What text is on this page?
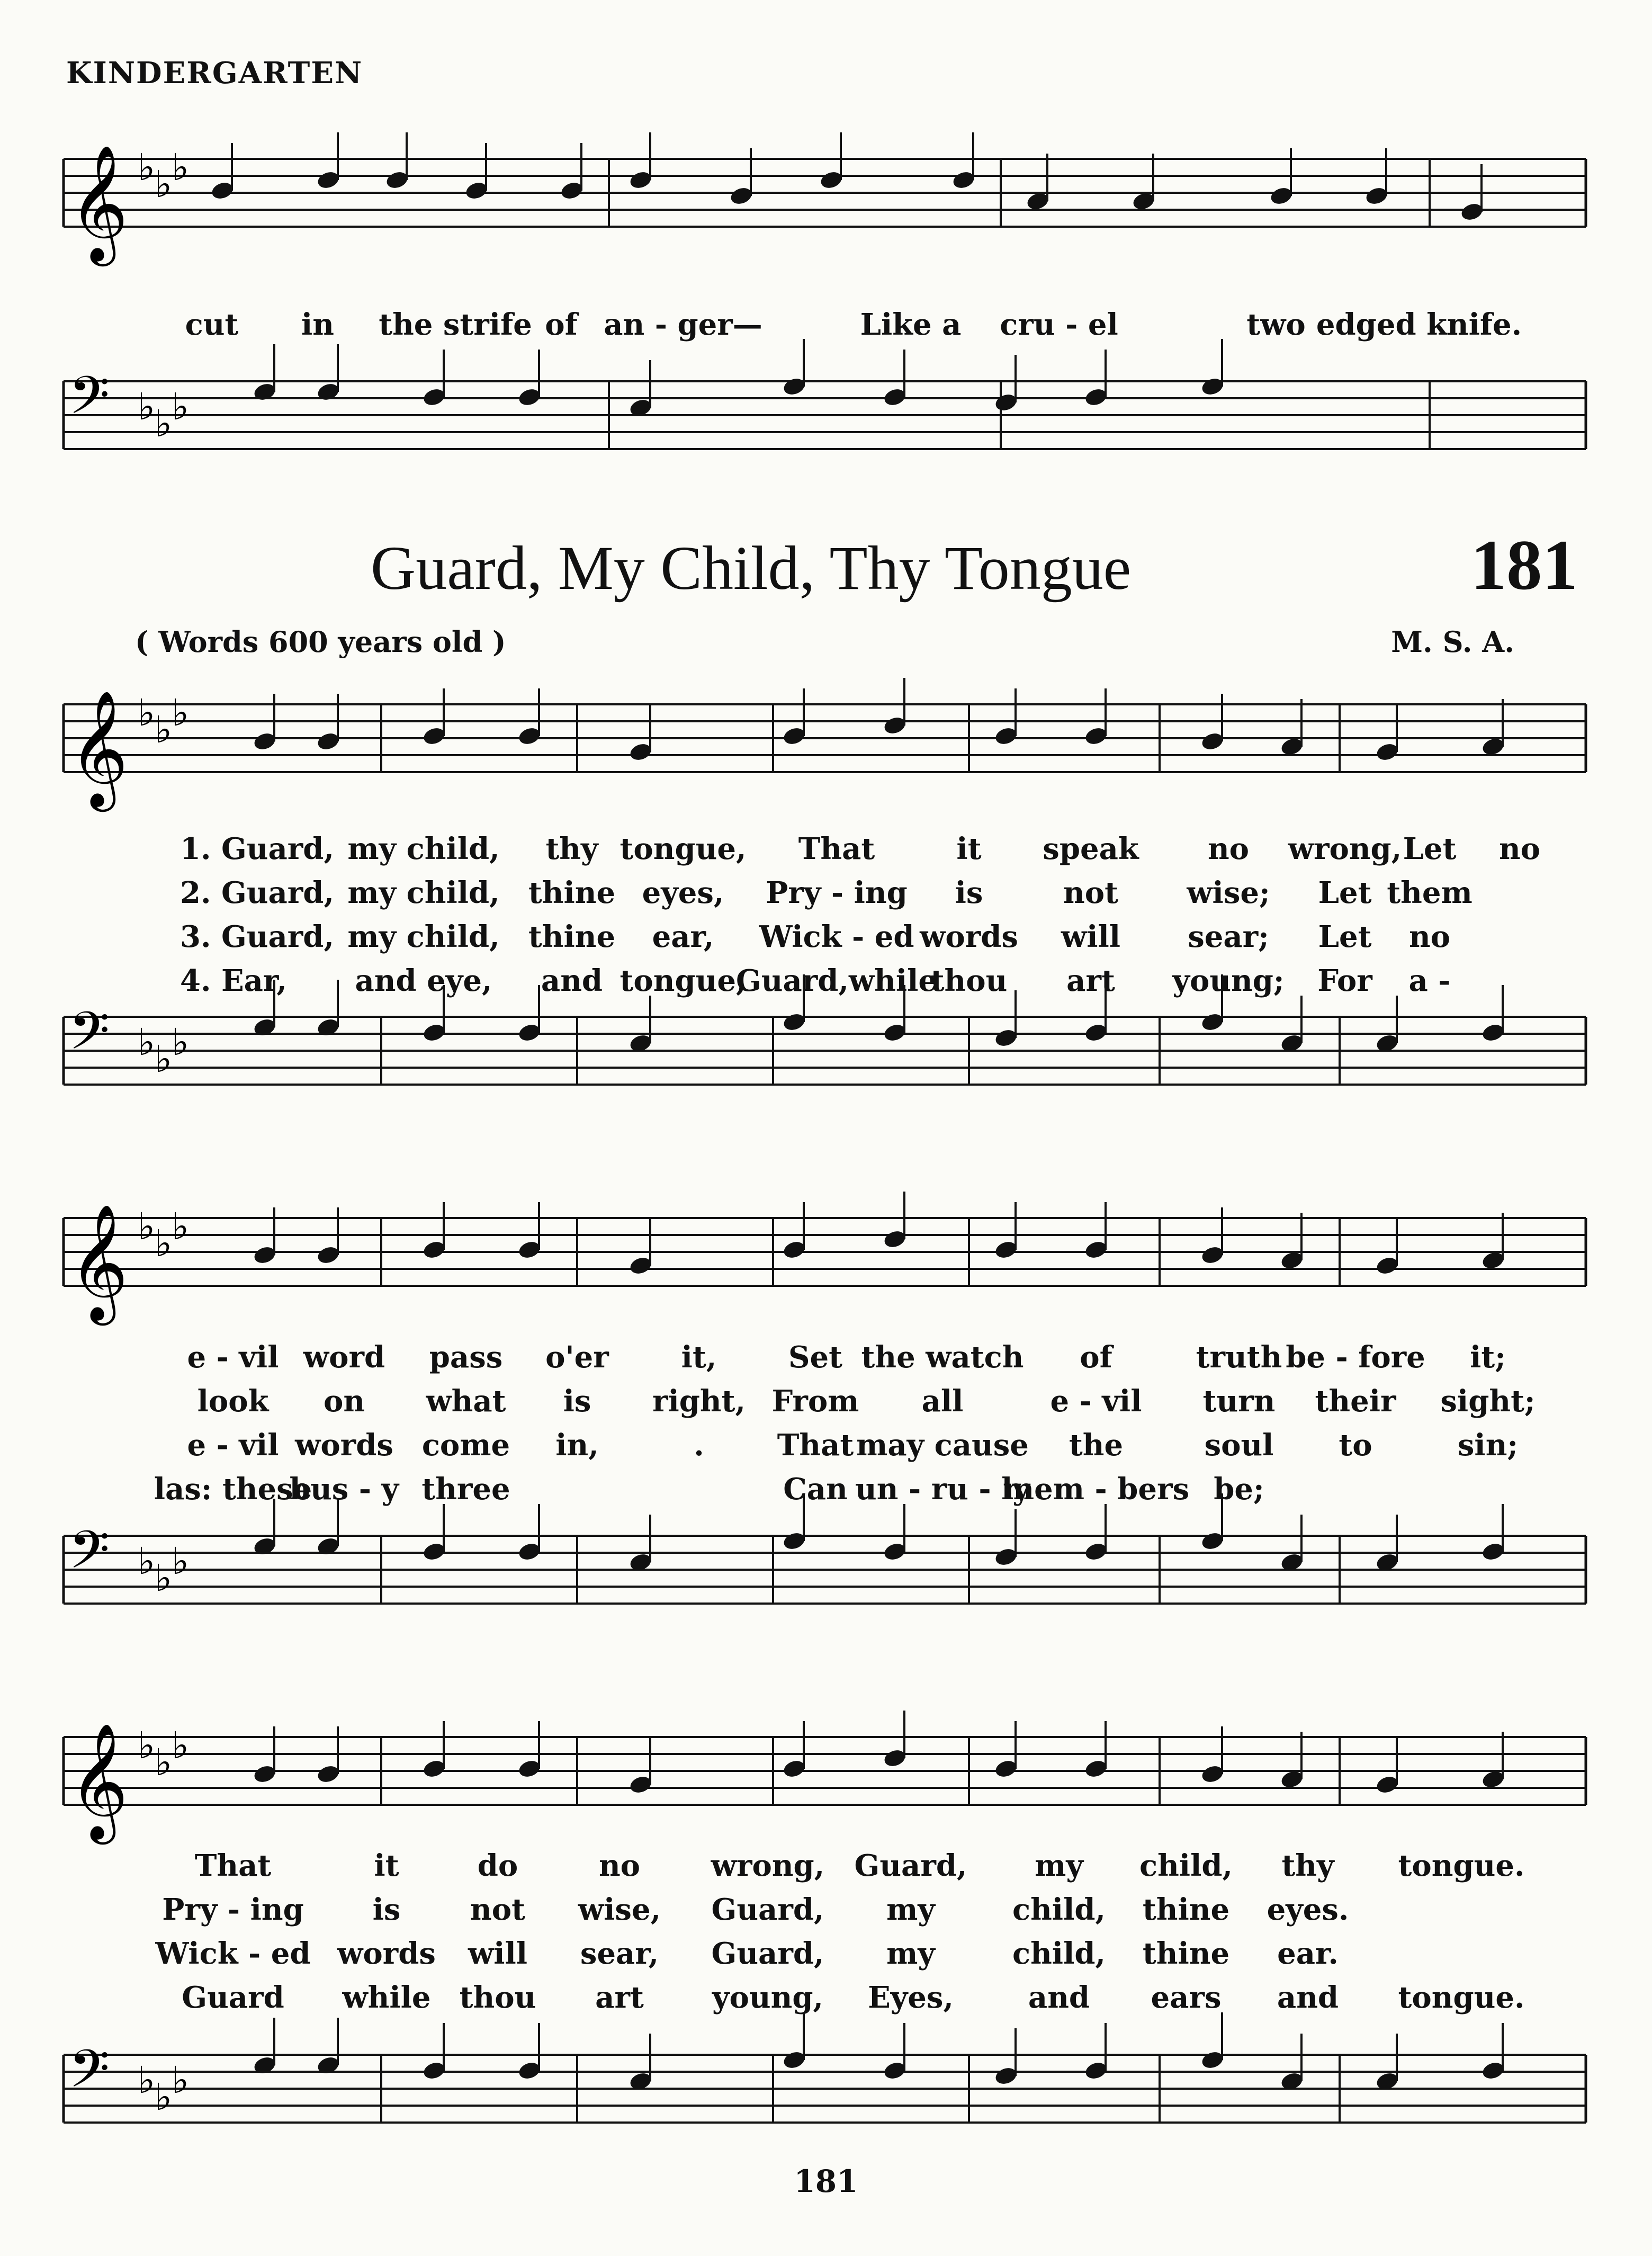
KINDERGARTEN
Guard, My Child, Thy Tongue	181
( Words 600 years old )	M. S. A.
181
𝄞 ♭
♭
♭
cut in the strife of an - ger—	Like a cru - el	two edged knife.
𝄢 ♭
♭
♭
𝄞 ♭
♭
♭
1. Guard, my child, thy tongue, That	it speak no wrong, Let no
2. Guard, my child, thine eyes, Pry - ing is	not wise; Let them
3. Guard, my child, thine ear, Wick - ed words will sear; Let no
4. Ear, and eye, and tongue,
Guard,while
thou art young; For a -
𝄢 ♭
♭
♭
𝄞 ♭
♭
♭
e - vil word pass o'er it, Set the watch of	truth be - fore it;
look on what is right, From all	e - vil turn their sight;
e - vil words come in,	. That may cause the	soul to	sin;
las: these
bus - y three	Can un - ru - ly
mem - bers be;
𝄢 ♭
♭
♭
𝄞 ♭
♭
♭
That	it	do	no wrong, Guard, my child, thy tongue.
Pry - ing is not wise, Guard, my	child, thine eyes.
Wick - ed words will sear, Guard, my	child, thine ear.
Guard while thou art young, Eyes,	and ears and tongue.
𝄢 ♭
♭
♭
